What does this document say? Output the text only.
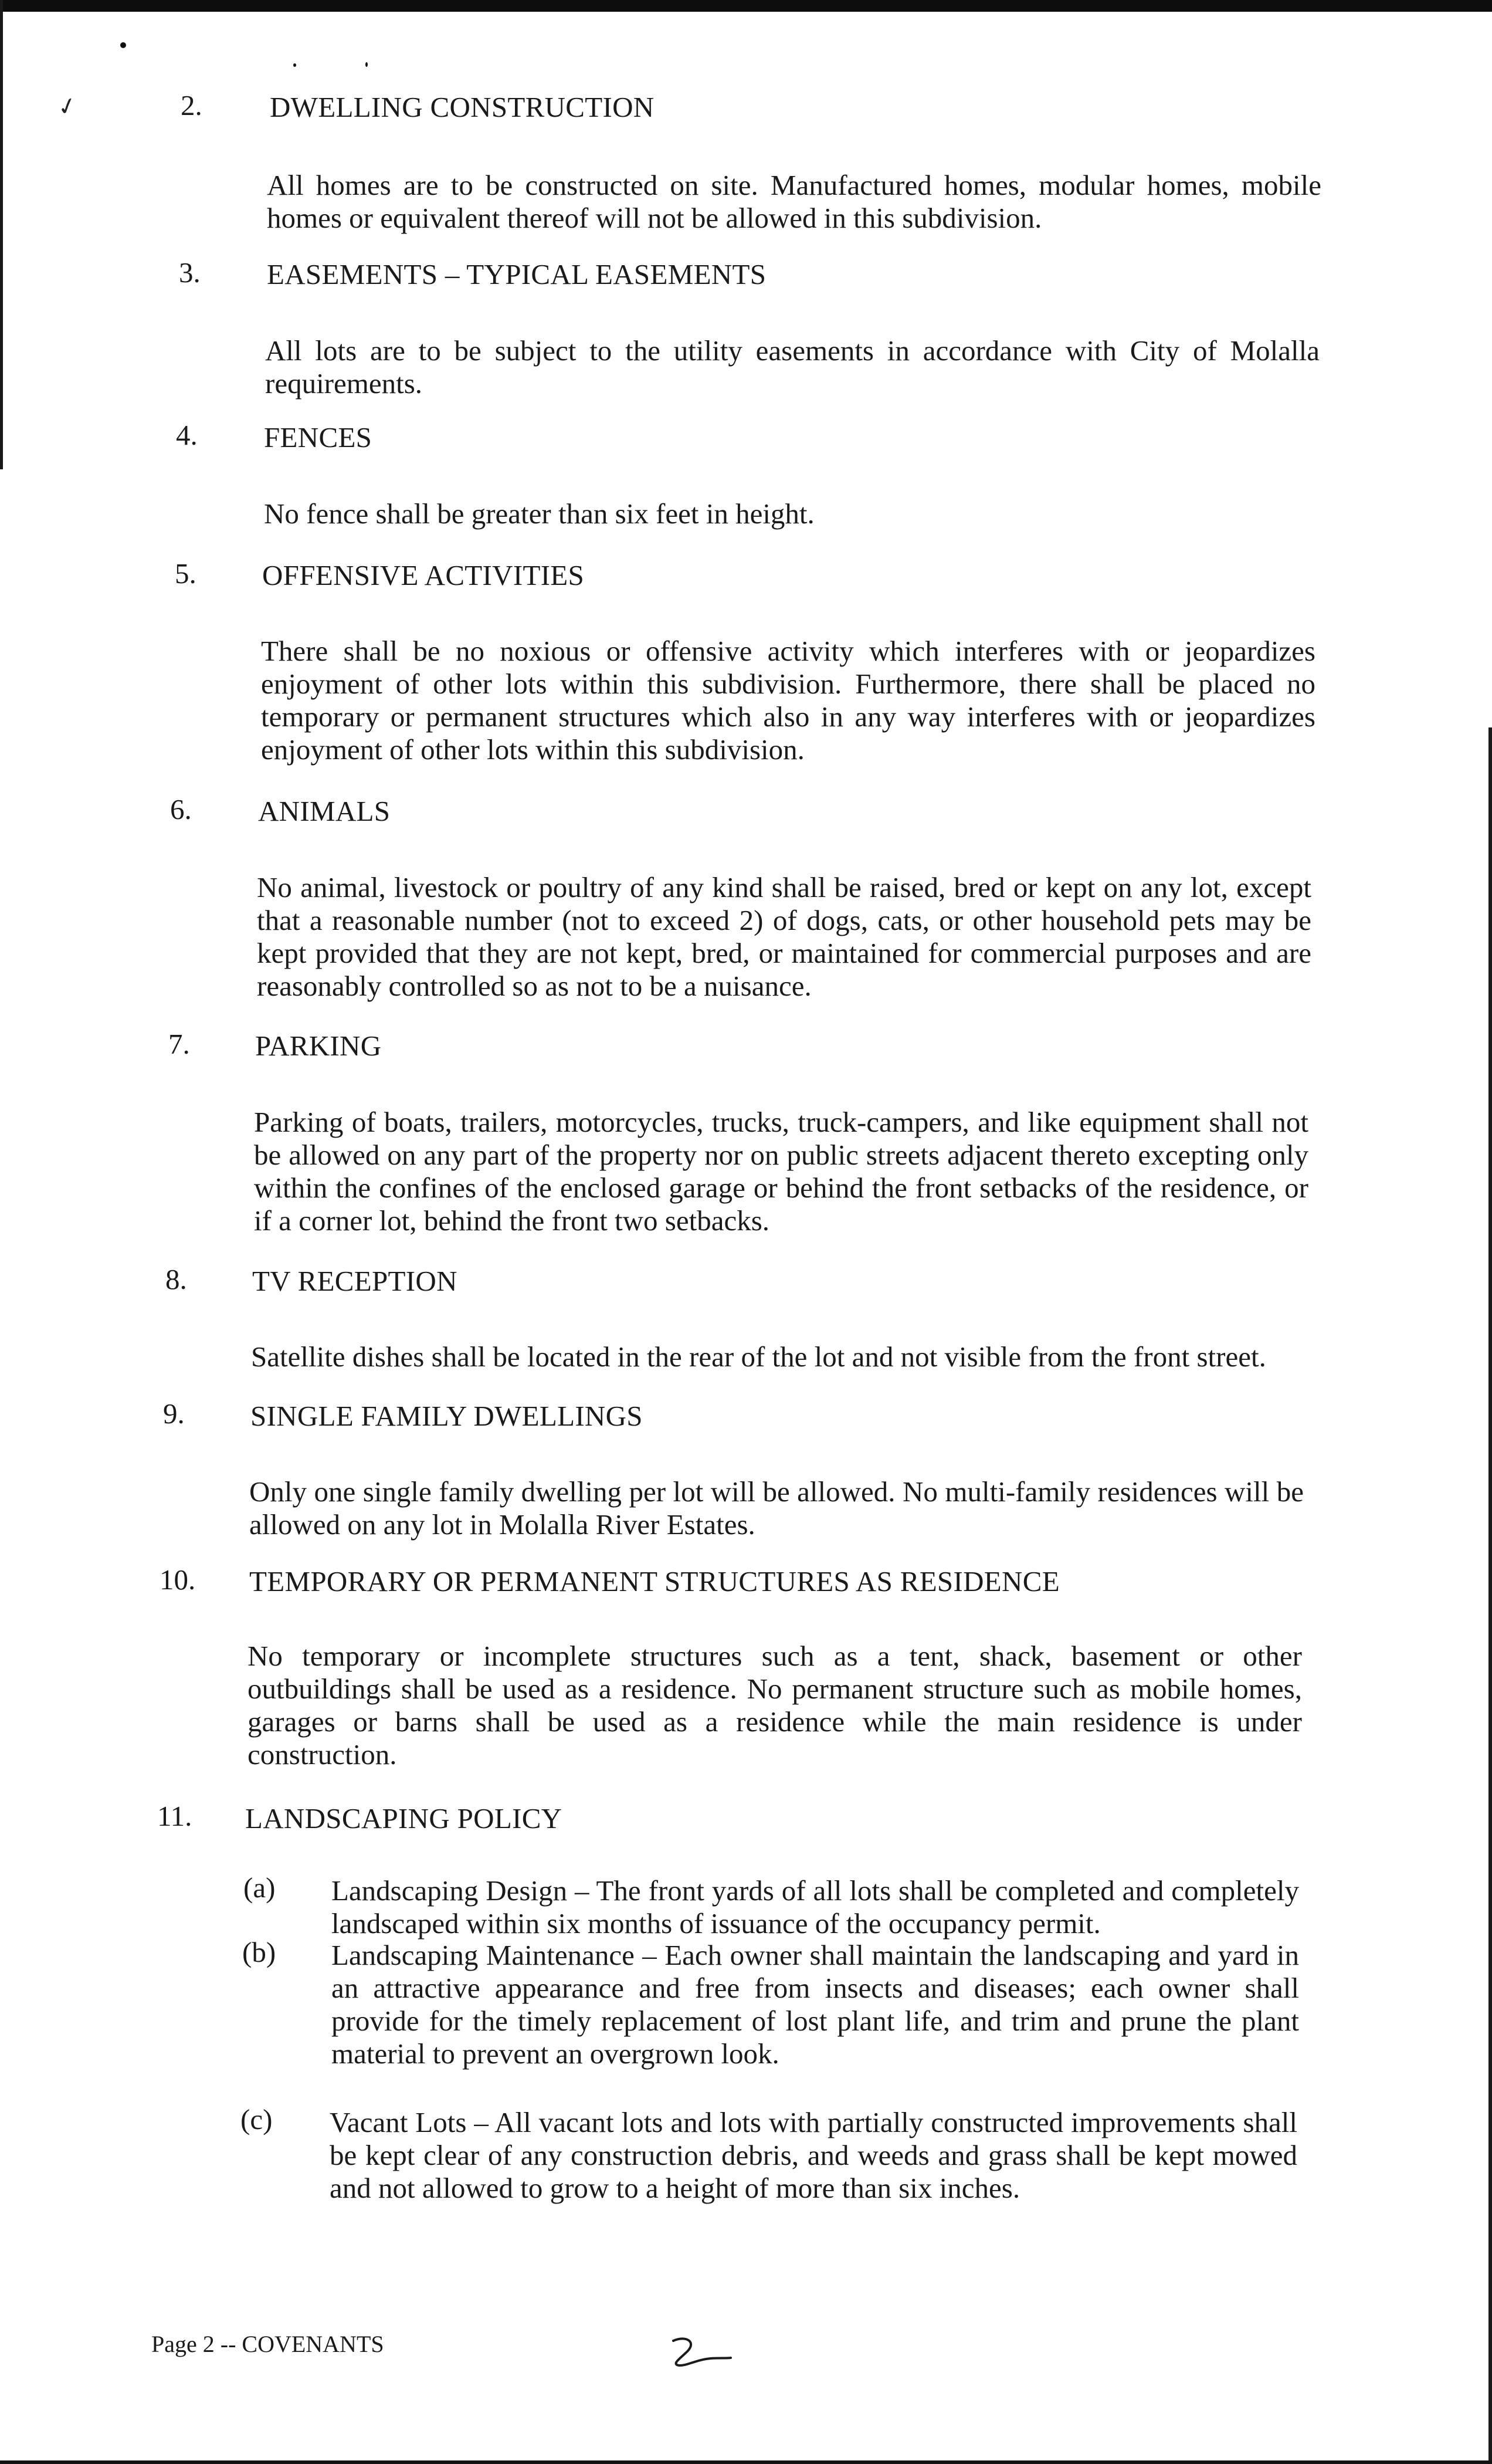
✓	2. DWELLING CONSTRUCTION
All homes are to be constructed on site. Manufactured homes, modular homes, mobile homes or equivalent thereof will not be allowed in this subdivision.
3. EASEMENTS – TYPICAL EASEMENTS
All lots are to be subject to the utility easements in accordance with City of Molalla requirements.
4. FENCES
No fence shall be greater than six feet in height.
5. OFFENSIVE ACTIVITIES
There shall be no noxious or offensive activity which interferes with or jeopardizes enjoyment of other lots within this subdivision. Furthermore, there shall be placed no temporary or permanent structures which also in any way interferes with or jeopardizes enjoyment of other lots within this subdivision.
6. ANIMALS
No animal, livestock or poultry of any kind shall be raised, bred or kept on any lot, except that a reasonable number (not to exceed 2) of dogs, cats, or other household pets may be kept provided that they are not kept, bred, or maintained for commercial purposes and are reasonably controlled so as not to be a nuisance.
7. PARKING
Parking of boats, trailers, motorcycles, trucks, truck-campers, and like equipment shall not be allowed on any part of the property nor on public streets adjacent thereto excepting only within the confines of the enclosed garage or behind the front setbacks of the residence, or if a corner lot, behind the front two setbacks.
8. TV RECEPTION
Satellite dishes shall be located in the rear of the lot and not visible from the front street.
9. SINGLE FAMILY DWELLINGS
Only one single family dwelling per lot will be allowed. No multi-family residences will be allowed on any lot in Molalla River Estates.
10. TEMPORARY OR PERMANENT STRUCTURES AS RESIDENCE
No temporary or incomplete structures such as a tent, shack, basement or other outbuildings shall be used as a residence. No permanent structure such as mobile homes, garages or barns shall be used as a residence while the main residence is under construction.
11. LANDSCAPING POLICY
(a) Landscaping Design – The front yards of all lots shall be completed and completely landscaped within six months of issuance of the occupancy permit.
(b) Landscaping Maintenance – Each owner shall maintain the landscaping and yard in an attractive appearance and free from insects and diseases; each owner shall provide for the timely replacement of lost plant life, and trim and prune the plant material to prevent an overgrown look.
(c) Vacant Lots – All vacant lots and lots with partially constructed improvements shall be kept clear of any construction debris, and weeds and grass shall be kept mowed and not allowed to grow to a height of more than six inches.
Page 2 -- COVENANTS
